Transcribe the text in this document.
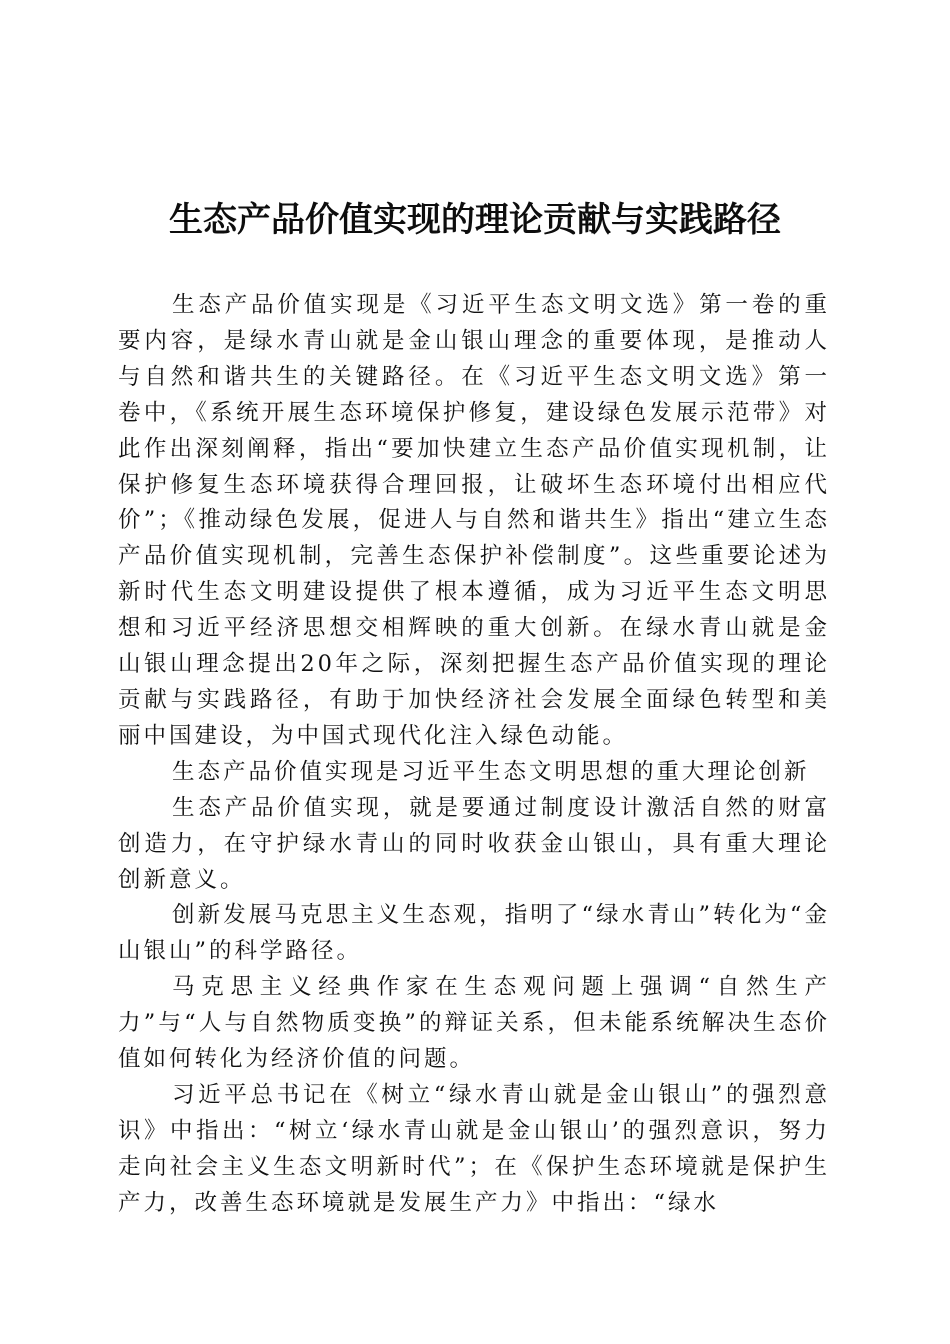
生态产品价值实现的理论贡献与实践路径

生态产品价值实现是《习近平生态文明文选》第一卷的重要内容，是绿水青山就是金山银山理念的重要体现，是推动人与自然和谐共生的关键路径。在《习近平生态文明文选》第一卷中，《系统开展生态环境保护修复，建设绿色发展示范带》对此作出深刻阐释，指出“要加快建立生态产品价值实现机制，让保护修复生态环境获得合理回报，让破坏生态环境付出相应代价”；《推动绿色发展，促进人与自然和谐共生》指出“建立生态产品价值实现机制，完善生态保护补偿制度”。这些重要论述为新时代生态文明建设提供了根本遵循，成为习近平生态文明思想和习近平经济思想交相辉映的重大创新。在绿水青山就是金山银山理念提出20年之际，深刻把握生态产品价值实现的理论贡献与实践路径，有助于加快经济社会发展全面绿色转型和美丽中国建设，为中国式现代化注入绿色动能。

生态产品价值实现是习近平生态文明思想的重大理论创新

生态产品价值实现，就是要通过制度设计激活自然的财富创造力，在守护绿水青山的同时收获金山银山，具有重大理论创新意义。

创新发展马克思主义生态观，指明了“绿水青山”转化为“金山银山”的科学路径。

马克思主义经典作家在生态观问题上强调“自然生产力”与“人与自然物质变换”的辩证关系，但未能系统解决生态价值如何转化为经济价值的问题。

习近平总书记在《树立“绿水青山就是金山银山”的强烈意识》中指出：“树立‘绿水青山就是金山银山’的强烈意识，努力走向社会主义生态文明新时代”；在《保护生态环境就是保护生产力，改善生态环境就是发展生产力》中指出：“绿水
